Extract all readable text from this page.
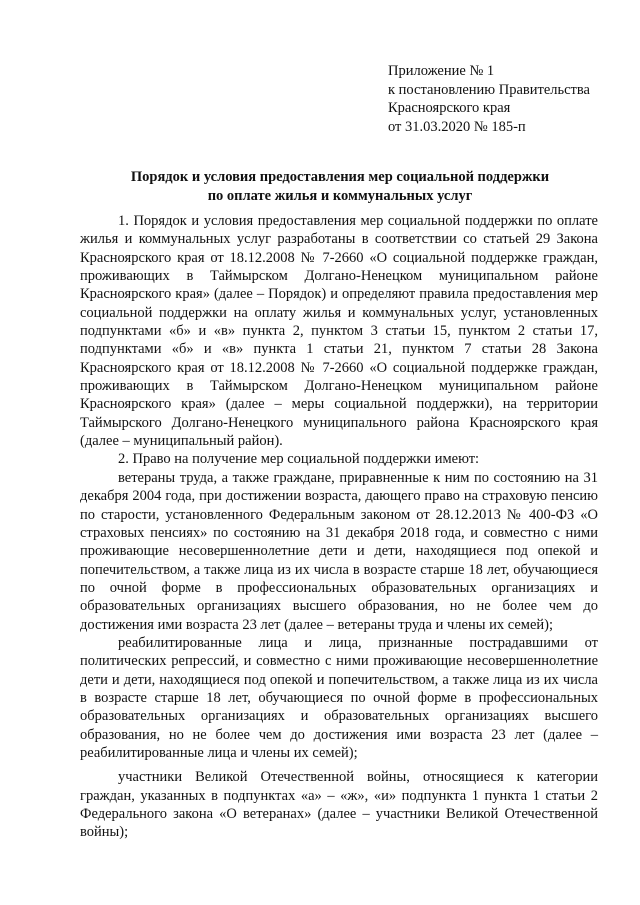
Приложение № 1
к постановлению Правительства
Красноярского края
от 31.03.2020 № 185-п
Порядок и условия предоставления мер социальной поддержки
по оплате жилья и коммунальных услуг

1. Порядок и условия предоставления мер социальной поддержки по оплате жилья и коммунальных услуг разработаны в соответствии со статьей 29 Закона Красноярского края от 18.12.2008 № 7-2660 «О социальной поддержке граждан, проживающих в Таймырском Долгано-Ненецком муниципальном районе Красноярского края» (далее – Порядок) и определяют правила предоставления мер социальной поддержки на оплату жилья и коммунальных услуг, установленных подпунктами «б» и «в» пункта 2, пунктом 3 статьи 15, пунктом 2 статьи 17, подпунктами «б» и «в» пункта 1 статьи 21, пунктом 7 статьи 28 Закона Красноярского края от 18.12.2008 № 7-2660 «О социальной поддержке граждан, проживающих в Таймырском Долгано-Ненецком муниципальном районе Красноярского края» (далее – меры социальной поддержки), на территории Таймырского Долгано-Ненецкого муниципального района Красноярского края (далее – муниципальный район).

2. Право на получение мер социальной поддержки имеют:

ветераны труда, а также граждане, приравненные к ним по состоянию на 31 декабря 2004 года, при достижении возраста, дающего право на страховую пенсию по старости, установленного Федеральным законом от 28.12.2013 № 400-ФЗ «О страховых пенсиях» по состоянию на 31 декабря 2018 года, и совместно с ними проживающие несовершеннолетние дети и дети, находящиеся под опекой и попечительством, а также лица из их числа в возрасте старше 18 лет, обучающиеся по очной форме в профессиональных образовательных организациях и образовательных организациях высшего образования, но не более чем до достижения ими возраста 23 лет (далее – ветераны труда и члены их семей);

реабилитированные лица и лица, признанные пострадавшими от политических репрессий, и совместно с ними проживающие несовершеннолетние дети и дети, находящиеся под опекой и попечительством, а также лица из их числа в возрасте старше 18 лет, обучающиеся по очной форме в профессиональных образовательных организациях и образовательных организациях высшего образования, но не более чем до достижения ими возраста 23 лет (далее – реабилитированные лица и члены их семей);

участники Великой Отечественной войны, относящиеся к категории граждан, указанных в подпунктах «а» – «ж», «и» подпункта 1 пункта 1 статьи 2 Федерального закона «О ветеранах» (далее – участники Великой Отечественной войны);
